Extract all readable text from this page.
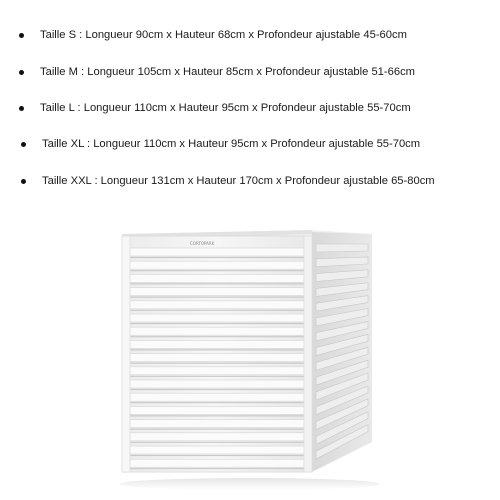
Taille S : Longueur 90cm x Hauteur 68cm x Profondeur ajustable 45-60cm
Taille M : Longueur 105cm x Hauteur 85cm x Profondeur ajustable 51-66cm
Taille L : Longueur 110cm x Hauteur 95cm x Profondeur ajustable 55-70cm
Taille XL : Longueur 110cm x Hauteur 95cm x Profondeur ajustable 55-70cm
Taille XXL : Longueur 131cm x Hauteur 170cm x Profondeur ajustable 65-80cm
CORTOPARK
